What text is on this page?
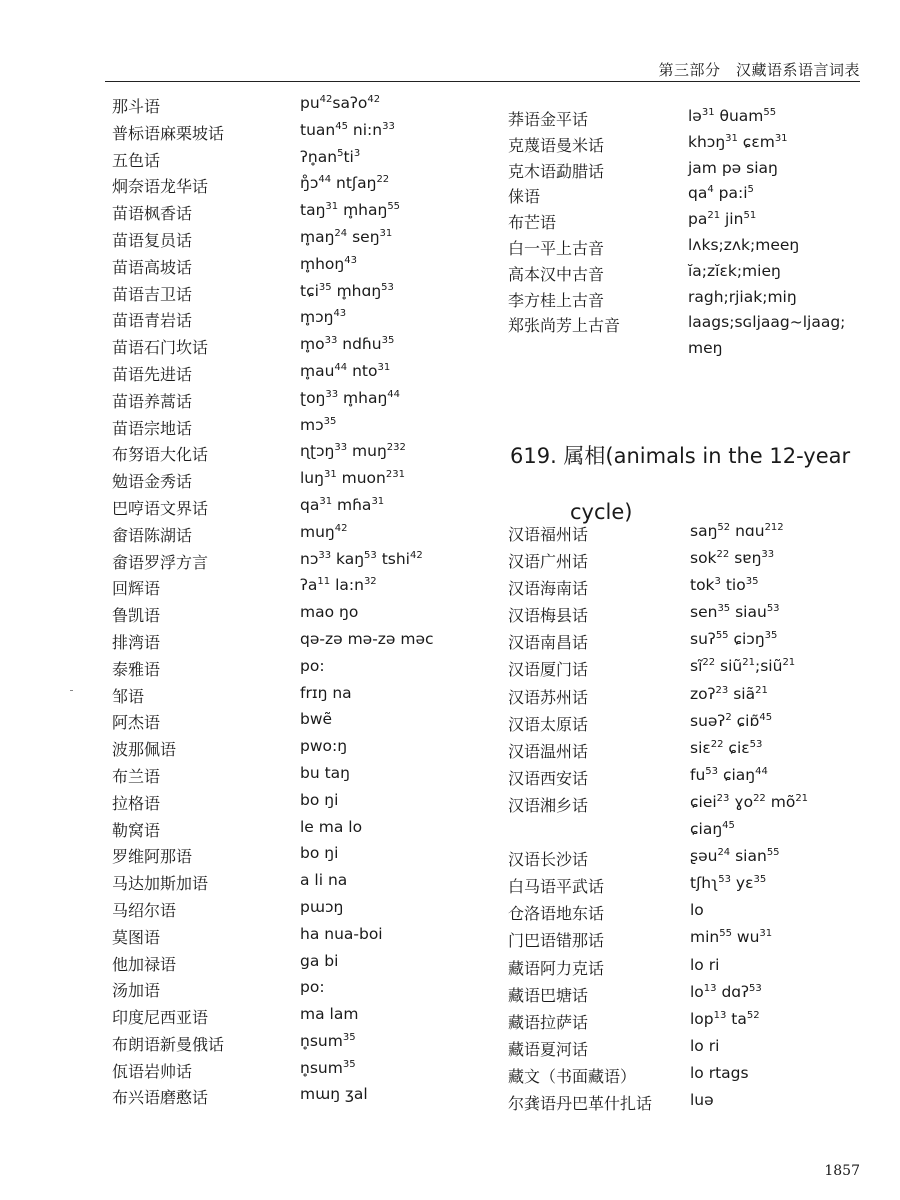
第三部分　汉藏语系语言词表
那斗语	$pu^{42}saʔo^{42}$
普标语麻栗坡话	tuan$^{45}$ $ni:n^{33}$
五色话	$ʔn̥an^5ti^3$
炯奈语龙华话	ŋ̊ɔ$^{44}$ ntʃaŋ$^{22}$
苗语枫香话	taŋ$^{31}$ m̥haŋ$^{55}$
苗语复员话	$m̥aŋ^{24}$ seŋ$^{31}$
苗语高坡话	m̥hoŋ$^{43}$
苗语吉卫话	tɕi$^{35}$ m̥hɑŋ$^{53}$
苗语青岩话	m̥ɔŋ$^{43}$
苗语石门坎话	$m̥o^{33}$ ndɦu$^{35}$
苗语先进话	$m̥au^{44}$ nto$^{31}$
苗语养蒿话	ʈoŋ$^{33}$ m̥haŋ$^{44}$
苗语宗地话	mɔ$^{35}$
布努语大化话	ɳʈɔŋ$^{33}$ muŋ$^{232}$
勉语金秀话	luŋ$^{31}$ muon$^{231}$
巴哼语文界话	$qa^{31}$ mɦa$^{31}$
畲语陈湖话	muŋ$^{42}$
畲语罗浮方言	nɔ$^{33}$ kaŋ$^{53}$ tshi$^{42}$
回辉语	ʔa$^{11}$ $la:n^{32}$
鲁凯语	mao ŋo
排湾语	qə-zə mə-zə məc
泰雅语	po:
邹语	frɪŋ na
阿杰语	bwẽ
波那佩语	pwo:ŋ
布兰语	bu taŋ
拉格语	bo ŋi
勒窝语	le ma lo
罗维阿那语	bo ŋi
马达加斯加语	a li na
马绍尔语	pɯɔŋ
莫图语	ha nua-boi
他加禄语	ga bi
汤加语	po:
印度尼西亚语	ma lam
布朗语新曼俄话	n̥sum$^{35}$
佤语岩帅话	n̥sum$^{35}$
布兴语磨憨话	mɯŋ ʒal
莽语金平话	lə$^{31}$ θuam$^{55}$
克蔑语曼米话	khɔŋ$^{31}$ ɕɛm$^{31}$
克木语勐腊话	jam pə siaŋ
俫语	$qa^4$ $pa:i^5$
布芒语	$pa^{21}$ jin$^{51}$
白一平上古音	lʌks;zʌk;meeŋ
高本汉中古音	ĭa;zĭɛk;mieŋ
李方桂上古音	ragh;rjiak;miŋ
郑张尚芳上古音	laags;sɢljaag~ljaag;
meŋ
619. 属相(animals in the 12-year
cycle)
汉语福州话	saŋ$^{52}$ nɑu$^{212}$
汉语广州话	sok$^{22}$ sɐŋ$^{33}$
汉语海南话	tok$^3$ tio$^{35}$
汉语梅县话	sen$^{35}$ siau$^{53}$
汉语南昌话	suʔ$^{55}$ ɕiɔŋ$^{35}$
汉语厦门话	$sĩ^{22}$ siũ$^{21}$;siũ$^{21}$
汉语苏州话	zoʔ$^{23}$ siã$^{21}$
汉语太原话	suəʔ$^2$ ɕiɒ̃$^{45}$
汉语温州话	siɛ$^{22}$ ɕiɛ$^{53}$
汉语西安话	$fu^{53}$ ɕiaŋ$^{44}$
汉语湘乡话	ɕiei$^{23}$ ɣo$^{22}$ $mõ^{21}$
ɕiaŋ$^{45}$
汉语长沙话	ʂəu$^{24}$ sian$^{55}$
白马语平武话	tʃhʅ$^{53}$ yɛ$^{35}$
仓洛语地东话	lo
门巴语错那话	$\min^{55} wu^{31}$
藏语阿力克话	lo ri
藏语巴塘话	$lo^{13}$ dɑʔ$^{53}$
藏语拉萨话	lop$^{13}$ $ta^{52}$
藏语夏河话	lo ri
藏文（书面藏语）	lo rtags
尔龚语丹巴革什扎话 luə
1857
